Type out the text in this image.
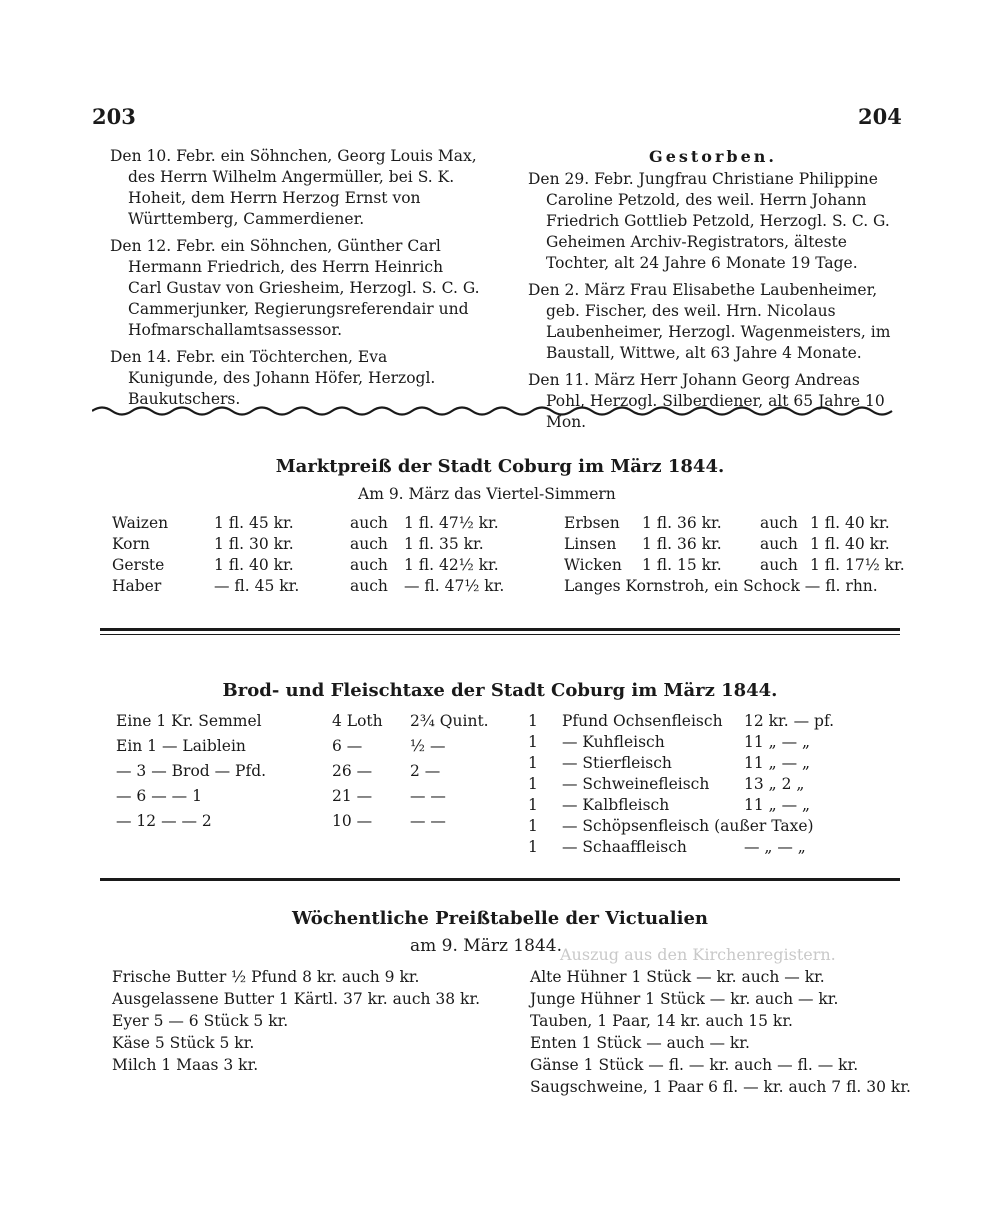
Auszug aus den Kirchenregistern.
203	204

Den 10. Febr. ein Söhnchen, Georg Louis Max, des Herrn Wilhelm Angermüller, bei S. K. Hoheit, dem Herrn Herzog Ernst von Württemberg, Cammerdiener.

Den 12. Febr. ein Söhnchen, Günther Carl Hermann Friedrich, des Herrn Heinrich Carl Gustav von Griesheim, Herzogl. S. C. G. Cammerjunker, Regierungsreferendair und Hofmarschallamtsassessor.

Den 14. Febr. ein Töchterchen, Eva Kunigunde, des Johann Höfer, Herzogl. Baukutschers.

Gestorben.

Den 29. Febr. Jungfrau Christiane Philippine Caroline Petzold, des weil. Herrn Johann Friedrich Gottlieb Petzold, Herzogl. S. C. G. Geheimen Archiv-Registrators, älteste Tochter, alt 24 Jahre 6 Monate 19 Tage.

Den 2. März Frau Elisabethe Laubenheimer, geb. Fischer, des weil. Hrn. Nicolaus Laubenheimer, Herzogl. Wagenmeisters, im Baustall, Wittwe, alt 63 Jahre 4 Monate.

Den 11. März Herr Johann Georg Andreas Pohl, Herzogl. Silberdiener, alt 65 Jahre 10 Mon.

Marktpreiß der Stadt Coburg im März 1844.
Am 9. März das Viertel-Simmern
Waizen	1 fl. 45 kr.	auch	1 fl. 47½ kr.
Korn	1 fl. 30 kr.	auch	1 fl. 35 kr.
Gerste	1 fl. 40 kr.	auch	1 fl. 42½ kr.
Haber	— fl. 45 kr.	auch	— fl. 47½ kr.
Erbsen	1 fl. 36 kr.	auch	1 fl. 40 kr.
Linsen	1 fl. 36 kr.	auch	1 fl. 40 kr.
Wicken	1 fl. 15 kr.	auch	1 fl. 17½ kr.
Langes Kornstroh, ein Schock — fl. rhn.			
Brod- und Fleischtaxe der Stadt Coburg im März 1844.
Eine 1 Kr. Semmel	4 Loth	2¾ Quint.
Ein 1 — Laiblein	6 —	½ —
— 3 — Brod — Pfd.	26 —	2 —
— 6 — — 1	21 —	— —
— 12 — — 2	10 —	— —
1	Pfund Ochsenfleisch	12 kr. — pf.
1	— Kuhfleisch	11 „ — „
1	— Stierfleisch	11 „ — „
1	— Schweinefleisch	13 „ 2 „
1	— Kalbfleisch	11 „ — „
1	— Schöpsenfleisch (außer Taxe)	
1	— Schaaffleisch	— „ — „
Wöchentliche Preißtabelle der Victualien
am 9. März 1844.
Frische Butter ½ Pfund 8 kr. auch 9 kr.
Ausgelassene Butter 1 Kärtl. 37 kr. auch 38 kr.
Eyer 5 — 6 Stück 5 kr.
Käse 5 Stück 5 kr.
Milch 1 Maas 3 kr.
Alte Hühner 1 Stück — kr. auch — kr.
Junge Hühner 1 Stück — kr. auch — kr.
Tauben, 1 Paar, 14 kr. auch 15 kr.
Enten 1 Stück — auch — kr.
Gänse 1 Stück — fl. — kr. auch — fl. — kr.
Saugschweine, 1 Paar 6 fl. — kr. auch 7 fl. 30 kr.
